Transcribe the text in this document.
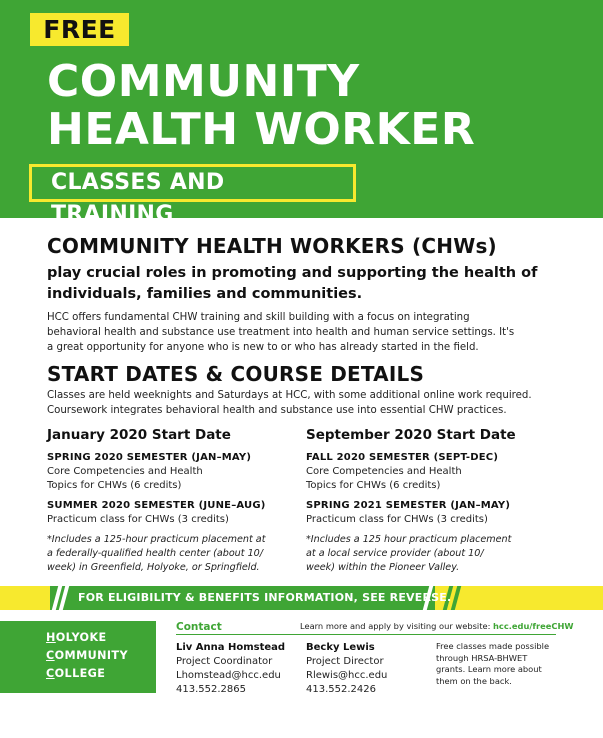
FREE
COMMUNITY
HEALTH WORKER
CLASSES AND TRAINING
COMMUNITY HEALTH WORKERS (CHWs)
play crucial roles in promoting and supporting the health of
individuals, families and communities.
HCC offers fundamental CHW training and skill building with a focus on integrating
behavioral health and substance use treatment into health and human service settings. It's
a great opportunity for anyone who is new to or who has already started in the field.
START DATES & COURSE DETAILS
Classes are held weeknights and Saturdays at HCC, with some additional online work required.
Coursework integrates behavioral health and substance use into essential CHW practices.
January 2020 Start Date
SPRING 2020 SEMESTER (JAN–MAY)
Core Competencies and Health
Topics for CHWs (6 credits)
SUMMER 2020 SEMESTER (JUNE–AUG)
Practicum class for CHWs (3 credits)
*Includes a 125-hour practicum placement at
a federally-qualified health center (about 10/
week) in Greenfield, Holyoke, or Springfield.
September 2020 Start Date
FALL 2020 SEMESTER (SEPT-DEC)
Core Competencies and Health
Topics for CHWs (6 credits)
SPRING 2021 SEMESTER (JAN–MAY)
Practicum class for CHWs (3 credits)
*Includes a 125 hour practicum placement
at a local service provider (about 10/
week) within the Pioneer Valley.
FOR ELIGIBILITY & BENEFITS INFORMATION, SEE REVERSE.
HOLYOKE
COMMUNITY
COLLEGE
Contact	Learn more and apply by visiting our website: hcc.edu/freeCHW
Liv Anna Homstead
Project Coordinator
Lhomstead@hcc.edu
413.552.2865
Becky Lewis
Project Director
Rlewis@hcc.edu
413.552.2426
Free classes made possible
through HRSA-BHWET
grants. Learn more about
them on the back.
